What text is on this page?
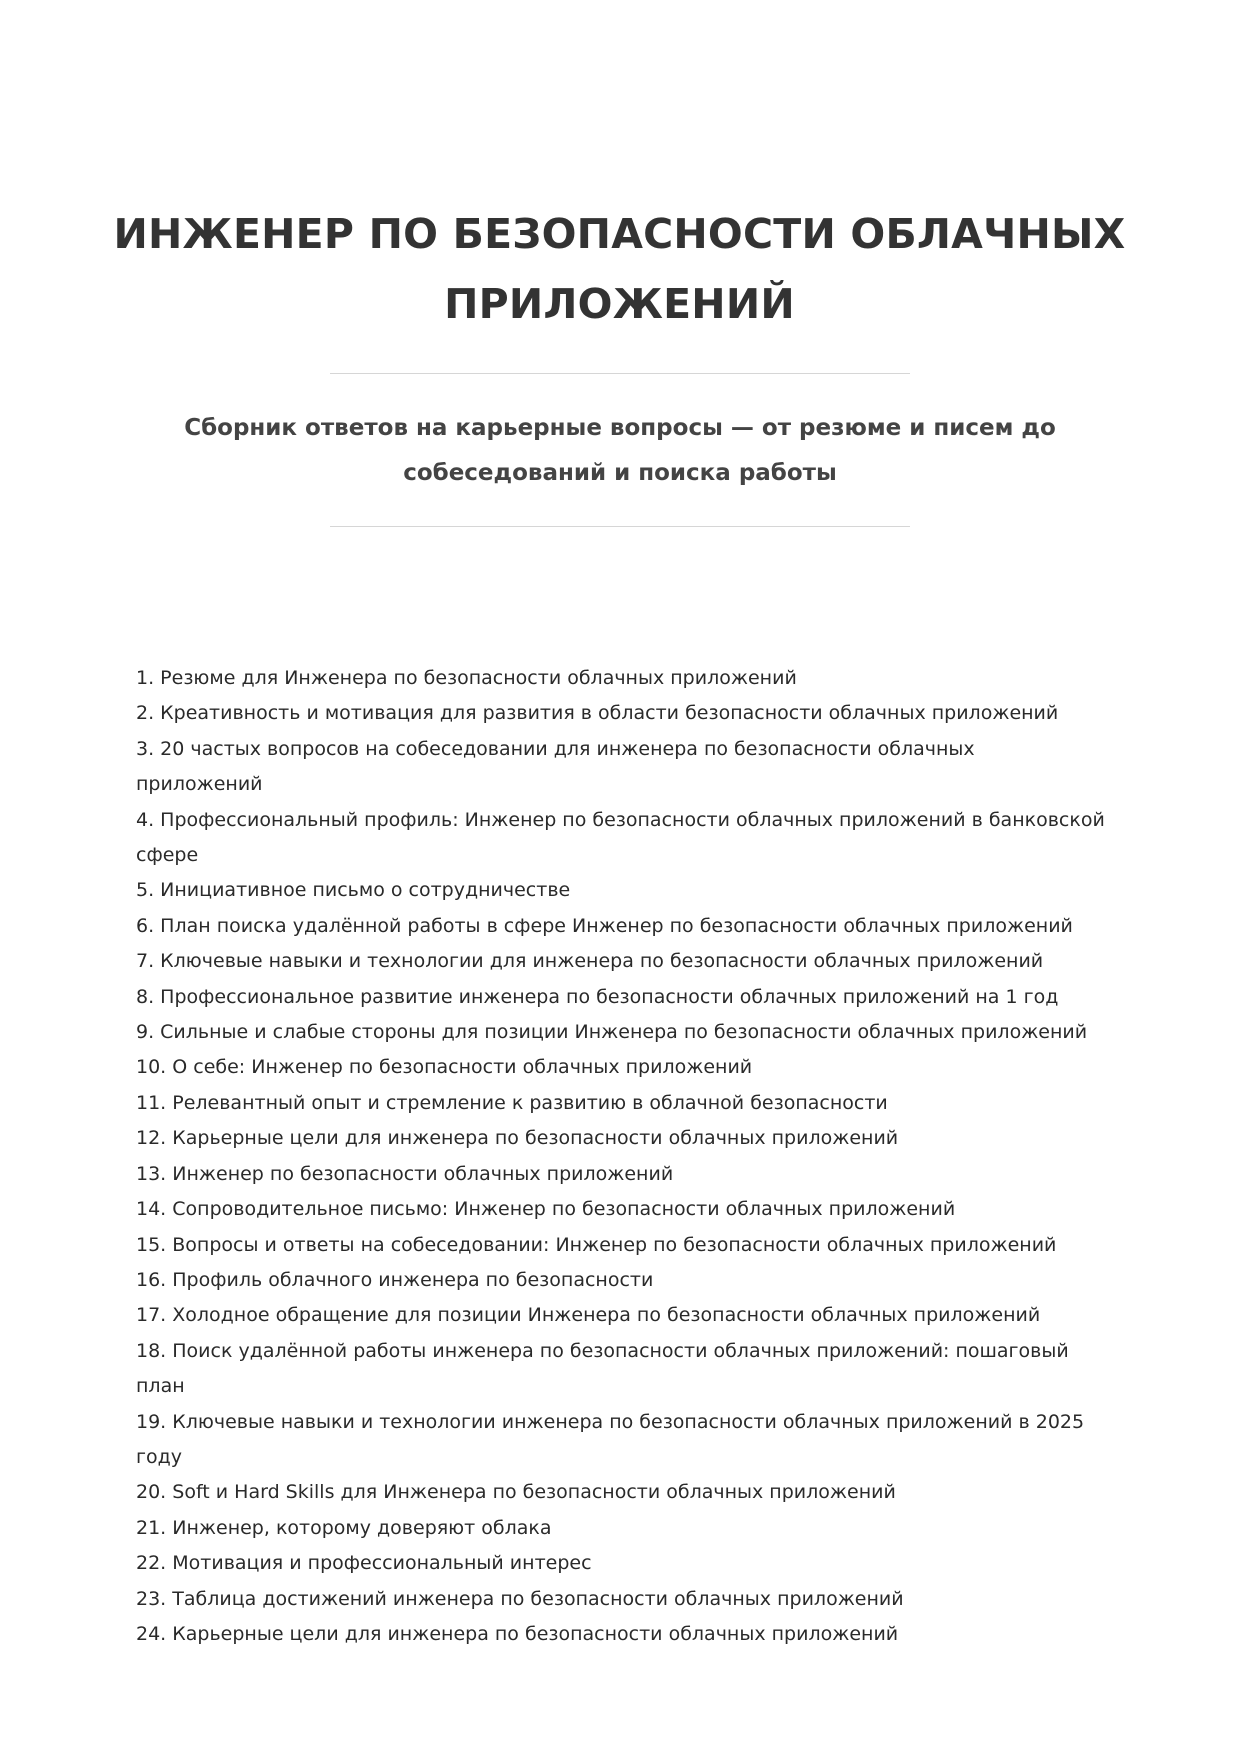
ИНЖЕНЕР ПО БЕЗОПАСНОСТИ ОБЛАЧНЫХ
ПРИЛОЖЕНИЙ
Сборник ответов на карьерные вопросы — от резюме и писем до
собеседований и поиска работы
1. Резюме для Инженера по безопасности облачных приложений
2. Креативность и мотивация для развития в области безопасности облачных приложений
3. 20 частых вопросов на собеседовании для инженера по безопасности облачных приложений
4. Профессиональный профиль: Инженер по безопасности облачных приложений в банковской сфере
5. Инициативное письмо о сотрудничестве
6. План поиска удалённой работы в сфере Инженер по безопасности облачных приложений
7. Ключевые навыки и технологии для инженера по безопасности облачных приложений
8. Профессиональное развитие инженера по безопасности облачных приложений на 1 год
9. Сильные и слабые стороны для позиции Инженера по безопасности облачных приложений
10. О себе: Инженер по безопасности облачных приложений
11. Релевантный опыт и стремление к развитию в облачной безопасности
12. Карьерные цели для инженера по безопасности облачных приложений
13. Инженер по безопасности облачных приложений
14. Сопроводительное письмо: Инженер по безопасности облачных приложений
15. Вопросы и ответы на собеседовании: Инженер по безопасности облачных приложений
16. Профиль облачного инженера по безопасности
17. Холодное обращение для позиции Инженера по безопасности облачных приложений
18. Поиск удалённой работы инженера по безопасности облачных приложений: пошаговый план
19. Ключевые навыки и технологии инженера по безопасности облачных приложений в 2025 году
20. Soft и Hard Skills для Инженера по безопасности облачных приложений
21. Инженер, которому доверяют облака
22. Мотивация и профессиональный интерес
23. Таблица достижений инженера по безопасности облачных приложений
24. Карьерные цели для инженера по безопасности облачных приложений
